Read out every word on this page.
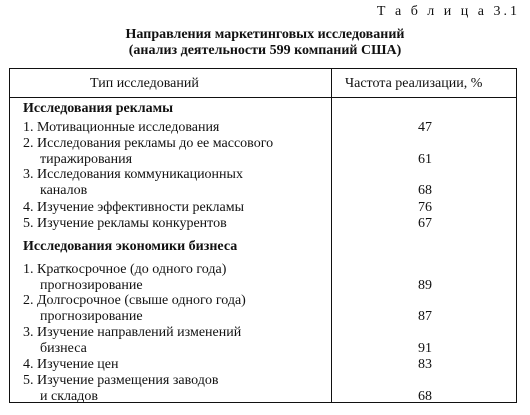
Т а б л и ц а 3.1
Направления маркетинговых исследований
(анализ деятельности 599 компаний США)
Тип исследований	Частота реализации, %
Исследования рекламы
1. Мотивационные исследования	47
2. Исследования рекламы до ее массового
тиражирования	61
3. Исследования коммуникационных
каналов	68
4. Изучение эффективности рекламы	76
5. Изучение рекламы конкурентов	67
Исследования экономики бизнеса
1. Краткосрочное (до одного года)
прогнозирование	89
2. Долгосрочное (свыше одного года)
прогнозирование	87
3. Изучение направлений изменений
бизнеса	91
4. Изучение цен	83
5. Изучение размещения заводов
и складов	68
